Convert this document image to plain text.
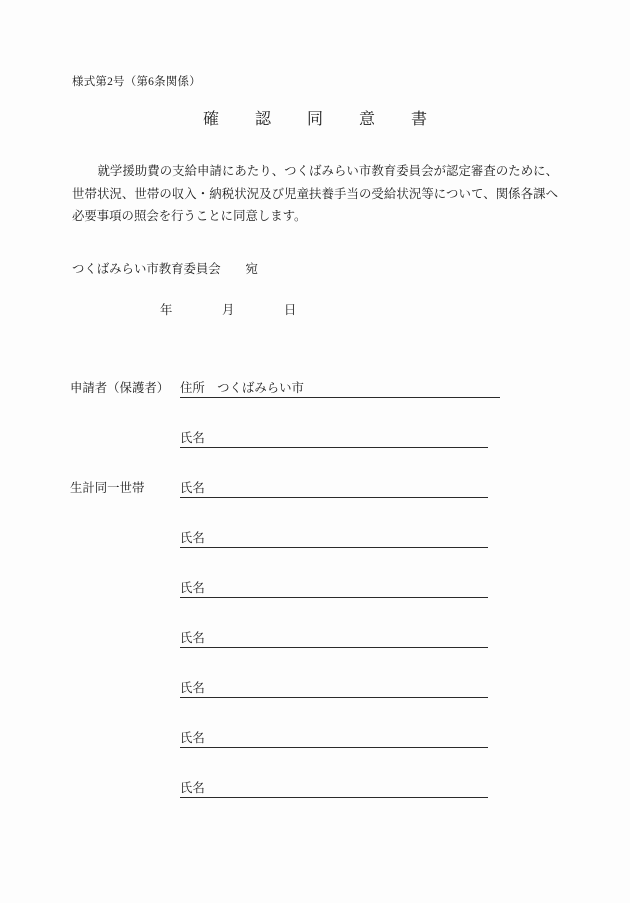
様式第2号（第6条関係）
確　認　同　意　書
　就学援助費の支給申請にあたり、つくばみらい市教育委員会が認定審査のために、世帯状況、世帯の収入・納税状況及び児童扶養手当の受給状況等について、関係各課へ必要事項の照会を行うことに同意します。
つくばみらい市教育委員会　　宛
年　　　　月　　　　日
申請者（保護者） 住所　つくばみらい市
氏名
生計同一世帯	氏名
氏名
氏名
氏名
氏名
氏名
氏名
